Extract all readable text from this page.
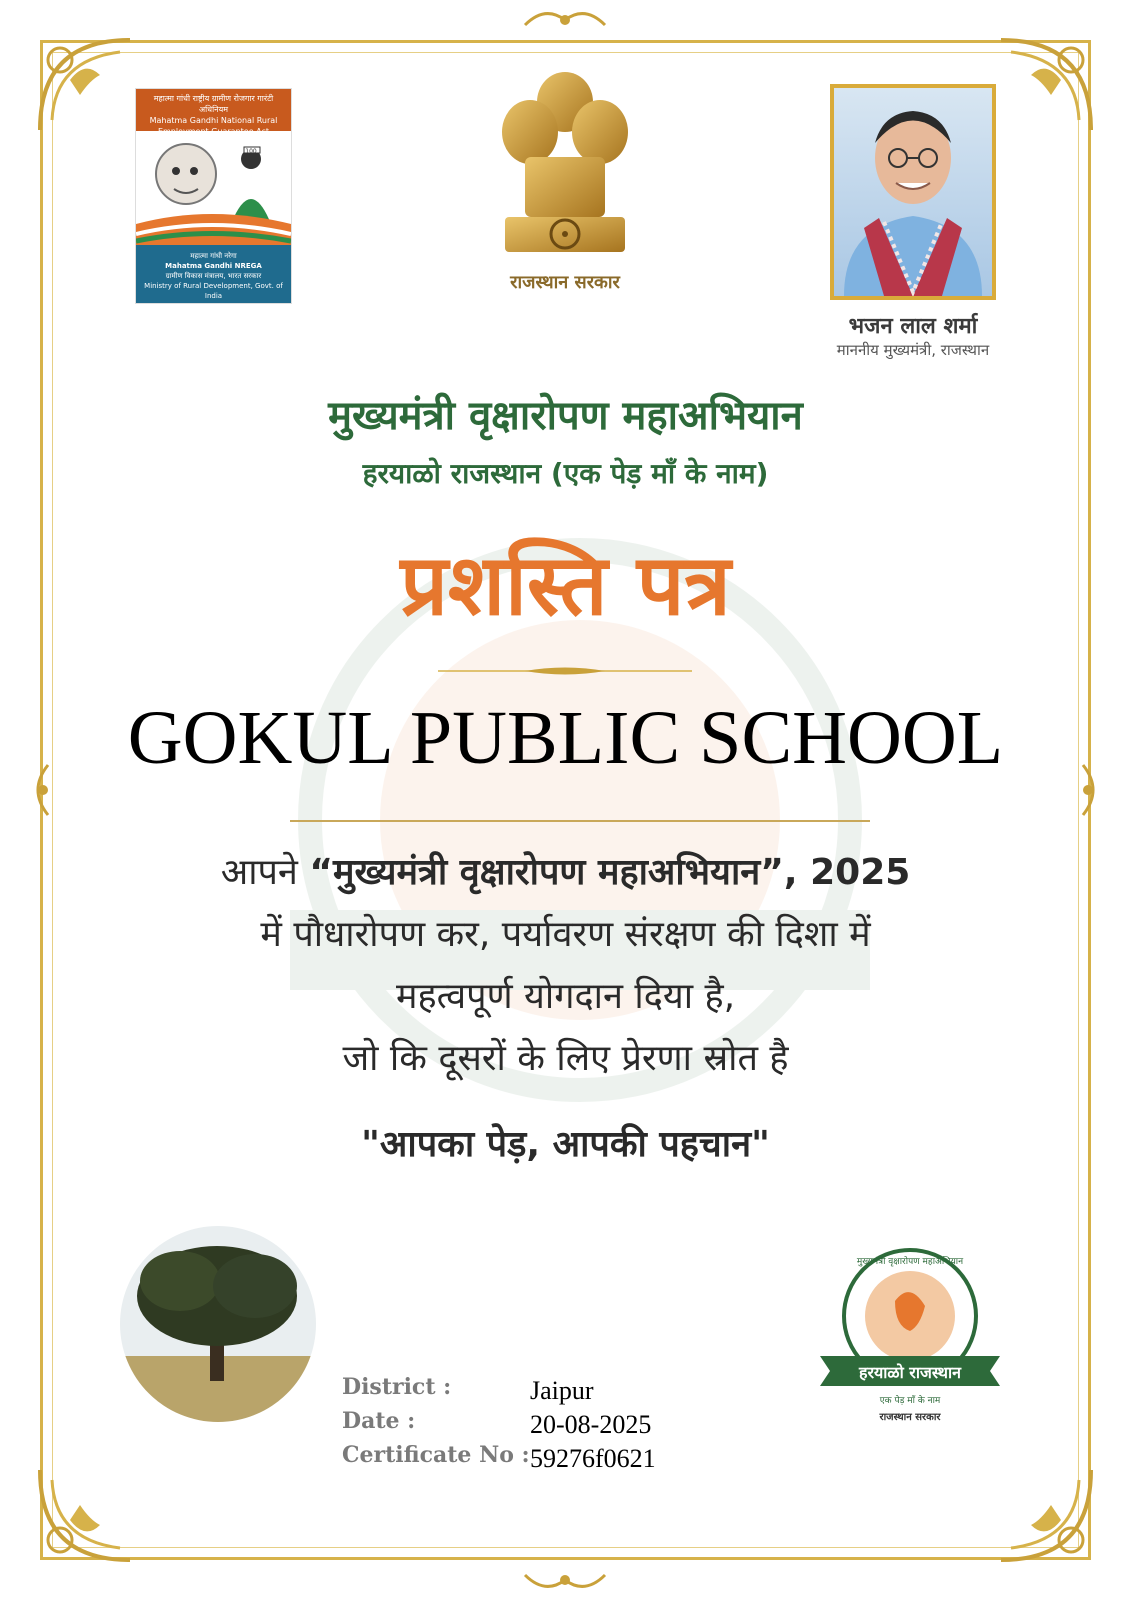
महात्मा गांधी राष्ट्रीय ग्रामीण रोजगार गारंटी अधिनियम
Mahatma Gandhi National Rural Employment Guarantee Act
100
महात्मा गांधी नरेगा
Mahatma Gandhi NREGA
ग्रामीण विकास मंत्रालय, भारत सरकार
Ministry of Rural Development, Govt. of India
राजस्थान सरकार
भजन लाल शर्मा
माननीय मुख्यमंत्री, राजस्थान
मुख्यमंत्री वृक्षारोपण महाअभियान
हरयाळो राजस्थान (एक पेड़ माँ के नाम)
प्रशस्ति पत्र
GOKUL PUBLIC SCHOOL
आपने “मुख्यमंत्री वृक्षारोपण महाअभियान”, 2025
में पौधारोपण कर, पर्यावरण संरक्षण की दिशा में
महत्वपूर्ण योगदान दिया है,
जो कि दूसरों के लिए प्रेरणा स्रोत है
"आपका पेड़, आपकी पहचान"
हरयाळो राजस्थान
एक पेड़ माँ के नाम
राजस्थान सरकार
मुख्यमंत्री वृक्षारोपण महाअभियान
District :	Jaipur
Date :	20-08-2025
Certificate No : 59276f0621
